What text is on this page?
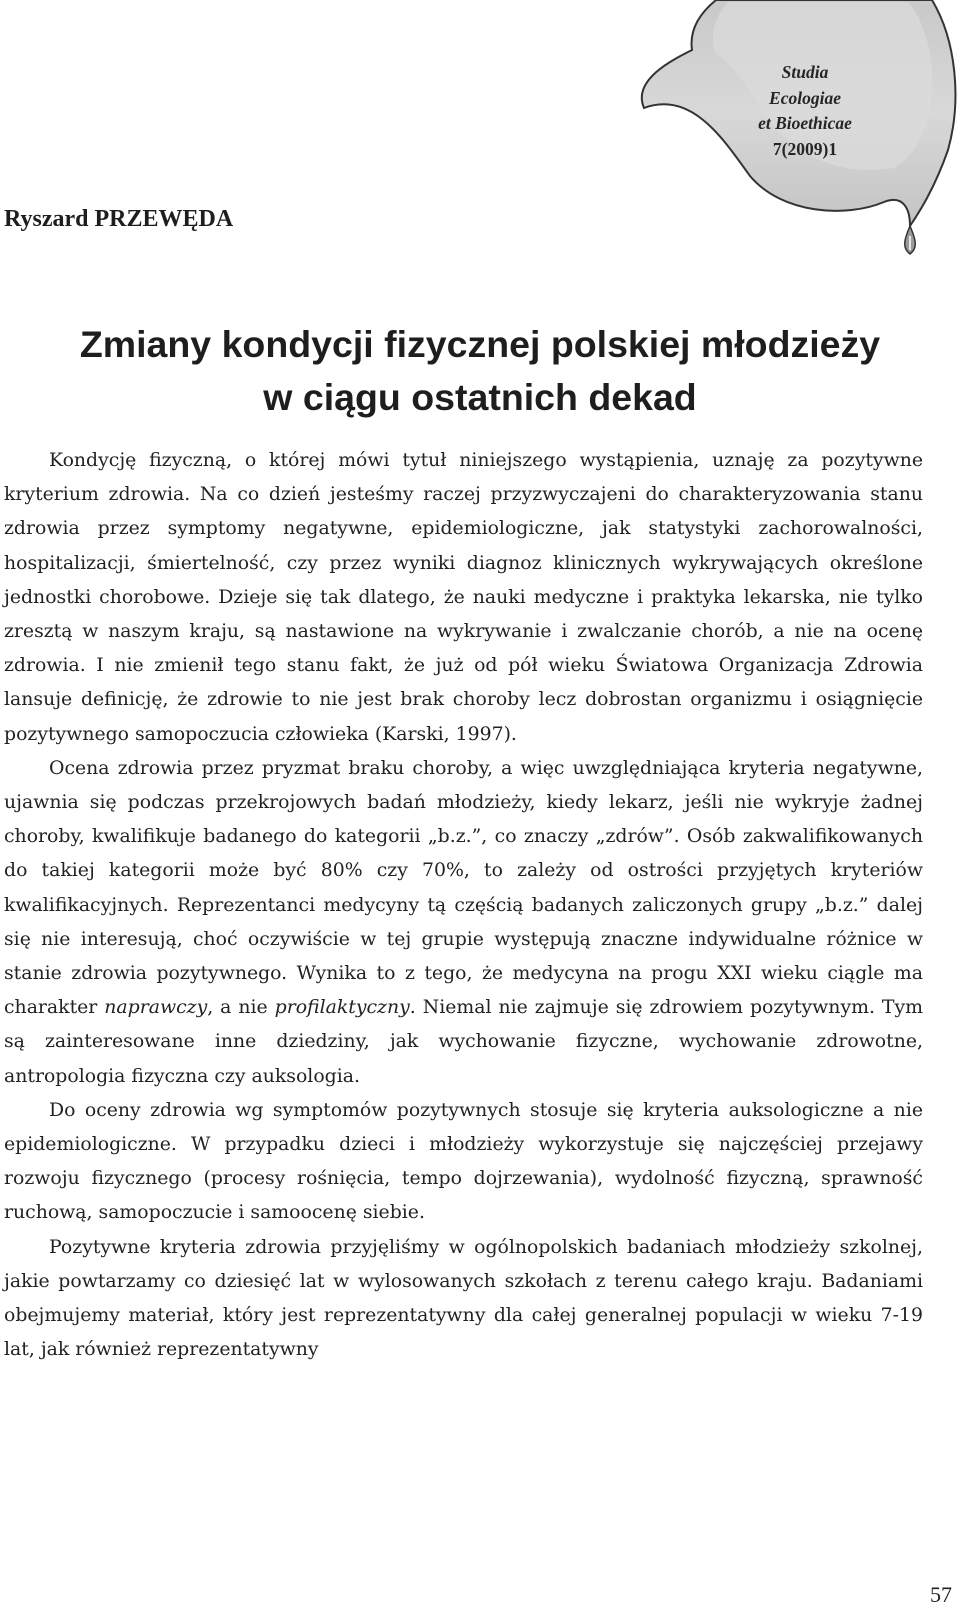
Studia
Ecologiae
et Bioethicae
7(2009)1
Ryszard PRZEWĘDA
Zmiany kondycji fizycznej polskiej młodzieży
w ciągu ostatnich dekad

Kondycję fizyczną, o której mówi tytuł niniejszego wystąpienia, uznaję za pozytywne kryterium zdrowia. Na co dzień jesteśmy raczej przyzwyczajeni do charakteryzowania stanu zdrowia przez symptomy negatywne, epidemiologiczne, jak statystyki zachorowalności, hospitalizacji, śmiertelność, czy przez wyniki diagnoz klinicznych wykrywających określone jednostki chorobowe. Dzieje się tak dlatego, że nauki medyczne i praktyka lekarska, nie tylko zresztą w naszym kraju, są nastawione na wykrywanie i zwalczanie chorób, a nie na ocenę zdrowia. I nie zmienił tego stanu fakt, że już od pół wieku Światowa Organizacja Zdrowia lansuje definicję, że zdrowie to nie jest brak choroby lecz dobrostan organizmu i osiągnięcie pozytywnego samopoczucia człowieka (Karski, 1997).

Ocena zdrowia przez pryzmat braku choroby, a więc uwzględniająca kryteria negatywne, ujawnia się podczas przekrojowych badań młodzieży, kiedy lekarz, jeśli nie wykryje żadnej choroby, kwalifikuje badanego do kategorii „b.z.”, co znaczy „zdrów”. Osób zakwalifikowanych do takiej kategorii może być 80% czy 70%, to zależy od ostrości przyjętych kryteriów kwalifikacyjnych. Reprezentanci medycyny tą częścią badanych zaliczonych grupy „b.z.” dalej się nie interesują, choć oczywiście w tej grupie występują znaczne indywidualne różnice w stanie zdrowia pozytywnego. Wynika to z tego, że medycyna na progu XXI wieku ciągle ma charakter naprawczy, a nie profilaktyczny. Niemal nie zajmuje się zdrowiem pozytywnym. Tym są zainteresowane inne dziedziny, jak wychowanie fizyczne, wychowanie zdrowotne, antropologia fizyczna czy auksologia.

Do oceny zdrowia wg symptomów pozytywnych stosuje się kryteria auksologiczne a nie epidemiologiczne. W przypadku dzieci i młodzieży wykorzystuje się najczęściej przejawy rozwoju fizycznego (procesy rośnięcia, tempo dojrzewania), wydolność fizyczną, sprawność ruchową, samopoczucie i samoocenę siebie.

Pozytywne kryteria zdrowia przyjęliśmy w ogólnopolskich badaniach młodzieży szkolnej, jakie powtarzamy co dziesięć lat w wylosowanych szkołach z terenu całego kraju. Badaniami obejmujemy materiał, który jest reprezentatywny dla całej generalnej populacji w wieku 7-19 lat, jak również reprezentatywny

57
